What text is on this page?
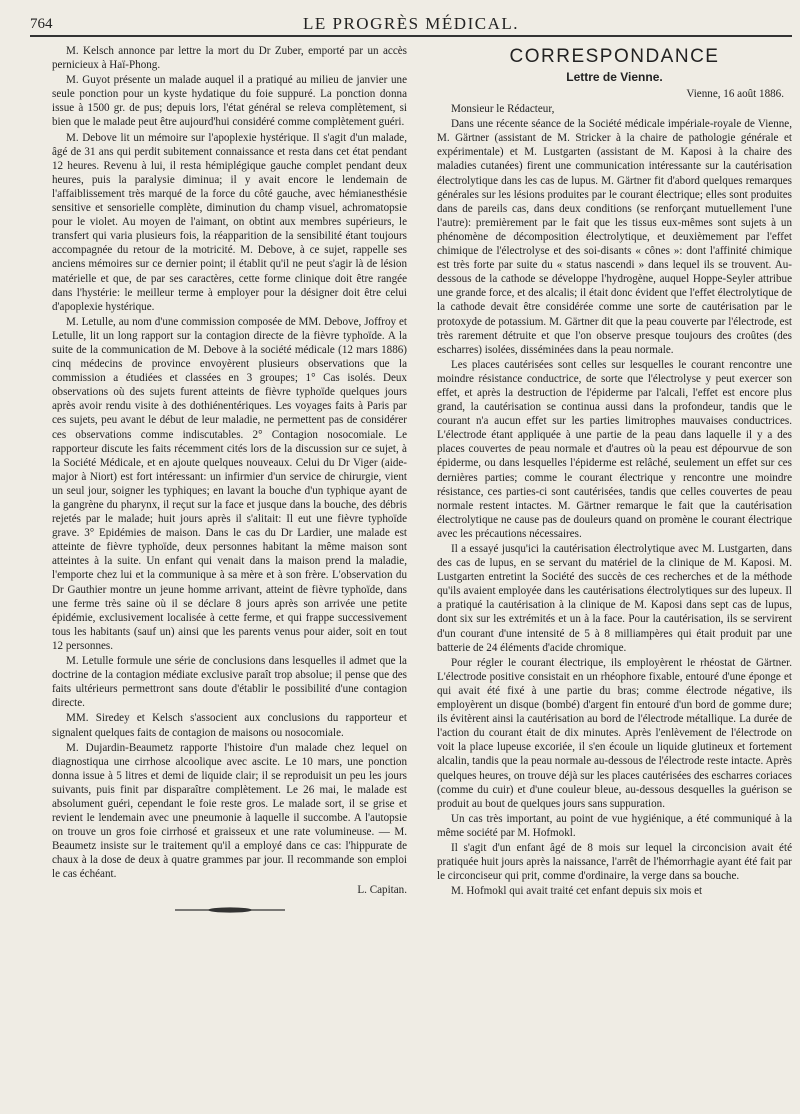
764	LE PROGRÈS MÉDICAL.

M. Kelsch annonce par lettre la mort du Dr Zuber, emporté par un accès pernicieux à Haï-Phong.

M. Guyot présente un malade auquel il a pratiqué au milieu de janvier une seule ponction pour un kyste hydatique du foie suppuré. La ponction donna issue à 1500 gr. de pus; depuis lors, l'état général se releva complètement, si bien que le malade peut être aujourd'hui considéré comme complètement guéri.

M. Debove lit un mémoire sur l'apoplexie hystérique. Il s'agit d'un malade, âgé de 31 ans qui perdit subitement connaissance et resta dans cet état pendant 12 heures. Revenu à lui, il resta hémiplégique gauche complet pendant deux heures, puis la paralysie diminua; il y avait encore le lendemain de l'affaiblissement très marqué de la force du côté gauche, avec hémianesthésie sensitive et sensorielle complète, diminution du champ visuel, achromatopsie pour le violet. Au moyen de l'aimant, on obtint aux membres supérieurs, le transfert qui varia plusieurs fois, la réapparition de la sensibilité étant toujours accompagnée du retour de la motricité. M. Debove, à ce sujet, rappelle ses anciens mémoires sur ce dernier point; il établit qu'il ne peut s'agir là de lésion matérielle et que, de par ses caractères, cette forme clinique doit être rangée dans l'hystérie: le meilleur terme à employer pour la désigner doit être celui d'apoplexie hystérique.

M. Letulle, au nom d'une commission composée de MM. Debove, Joffroy et Letulle, lit un long rapport sur la contagion directe de la fièvre typhoïde. A la suite de la communication de M. Debove à la société médicale (12 mars 1886) cinq médecins de province envoyèrent plusieurs observations que la commission a étudiées et classées en 3 groupes; 1° Cas isolés. Deux observations où des sujets furent atteints de fièvre typhoïde quelques jours après avoir rendu visite à des dothiénentériques. Les voyages faits à Paris par ces sujets, peu avant le début de leur maladie, ne permettent pas de considérer ces observations comme indiscutables. 2° Contagion nosocomiale. Le rapporteur discute les faits récemment cités lors de la discussion sur ce sujet, à la Société Médicale, et en ajoute quelques nouveaux. Celui du Dr Viger (aide-major à Niort) est fort intéressant: un infirmier d'un service de chirurgie, vient un seul jour, soigner les typhiques; en lavant la bouche d'un typhique ayant de la gangrène du pharynx, il reçut sur la face et jusque dans la bouche, des débris rejetés par le malade; huit jours après il s'alitait: Il eut une fièvre typhoïde grave. 3° Epidémies de maison. Dans le cas du Dr Lardier, une malade est atteinte de fièvre typhoïde, deux personnes habitant la même maison sont atteintes à la suite. Un enfant qui venait dans la maison prend la maladie, l'emporte chez lui et la communique à sa mère et à son frère. L'observation du Dr Gauthier montre un jeune homme arrivant, atteint de fièvre typhoïde, dans une ferme très saine où il se déclare 8 jours après son arrivée une petite épidémie, exclusivement localisée à cette ferme, et qui frappe successivement tous les habitants (sauf un) ainsi que les parents venus pour aider, soit en tout 12 personnes.

M. Letulle formule une série de conclusions dans lesquelles il admet que la doctrine de la contagion médiate exclusive paraît trop absolue; il pense que des faits ultérieurs permettront sans doute d'établir le possibilité d'une contagion directe.

MM. Siredey et Kelsch s'associent aux conclusions du rapporteur et signalent quelques faits de contagion de maisons ou nosocomiale.

M. Dujardin-Beaumetz rapporte l'histoire d'un malade chez lequel on diagnostiqua une cirrhose alcoolique avec ascite. Le 10 mars, une ponction donna issue à 5 litres et demi de liquide clair; il se reproduisit un peu les jours suivants, puis finit par disparaître complètement. Le 26 mai, le malade est absolument guéri, cependant le foie reste gros. Le malade sort, il se grise et revient le lendemain avec une pneumonie à laquelle il succombe. A l'autopsie on trouve un gros foie cirrhosé et graisseux et une rate volumineuse. — M. Beaumetz insiste sur le traitement qu'il a employé dans ce cas: l'hippurate de chaux à la dose de deux à quatre grammes par jour. Il recommande son emploi le cas échéant.

L. Capitan.

CORRESPONDANCE
Lettre de Vienne.

Vienne, 16 août 1886.

Monsieur le Rédacteur,

Dans une récente séance de la Société médicale impériale-royale de Vienne, M. Gärtner (assistant de M. Stricker à la chaire de pathologie générale et expérimentale) et M. Lustgarten (assistant de M. Kaposi à la chaire des maladies cutanées) firent une communication intéressante sur la cautérisation électrolytique dans les cas de lupus. M. Gärtner fit d'abord quelques remarques générales sur les lésions produites par le courant électrique; elles sont produites dans de pareils cas, dans deux conditions (se renforçant mutuellement l'une l'autre): premièrement par le fait que les tissus eux-mêmes sont sujets à un phénomène de décomposition électrolytique, et deuxièmement par l'effet chimique de l'électrolyse et des soi-disants « cônes »: dont l'affinité chimique est très forte par suite du « status nascendi » dans lequel ils se trouvent. Au-dessous de la cathode se développe l'hydrogène, auquel Hoppe-Seyler attribue une grande force, et des alcalis; il était donc évident que l'effet électrolytique de la cathode devait être considérée comme une sorte de cautérisation par le protoxyde de potassium. M. Gärtner dit que la peau couverte par l'électrode, est très rarement détruite et que l'on observe presque toujours des croûtes (des escharres) isolées, disséminées dans la peau normale.

Les places cautérisées sont celles sur lesquelles le courant rencontre une moindre résistance conductrice, de sorte que l'électrolyse y peut exercer son effet, et après la destruction de l'épiderme par l'alcali, l'effet est encore plus grand, la cautérisation se continua aussi dans la profondeur, tandis que le courant n'a aucun effet sur les parties limitrophes mauvaises conductrices. L'électrode étant appliquée à une partie de la peau dans laquelle il y a des places couvertes de peau normale et d'autres où la peau est dépourvue de son épiderme, ou dans lesquelles l'épiderme est relâché, seulement un effet sur ces dernières parties; comme le courant électrique y rencontre une moindre résistance, ces parties-ci sont cautérisées, tandis que celles couvertes de peau normale restent intactes. M. Gärtner remarque le fait que la cautérisation électrolytique ne cause pas de douleurs quand on promène le courant électrique avec les précautions nécessaires.

Il a essayé jusqu'ici la cautérisation électrolytique avec M. Lustgarten, dans des cas de lupus, en se servant du matériel de la clinique de M. Kaposi. M. Lustgarten entretint la Société des succès de ces recherches et de la méthode qu'ils avaient employée dans les cautérisations électrolytiques sur des lupeux. Il a pratiqué la cautérisation à la clinique de M. Kaposi dans sept cas de lupus, dont six sur les extrémités et un à la face. Pour la cautérisation, ils se servirent d'un courant d'une intensité de 5 à 8 milliampères qui était produit par une batterie de 24 éléments d'acide chromique.

Pour régler le courant électrique, ils employèrent le rhéostat de Gärtner. L'électrode positive consistait en un rhéophore fixable, entouré d'une éponge et qui avait été fixé à une partie du bras; comme électrode négative, ils employèrent un disque (bombé) d'argent fin entouré d'un bord de gomme dure; ils évitèrent ainsi la cautérisation au bord de l'électrode métallique. La durée de l'action du courant était de dix minutes. Après l'enlèvement de l'électrode on voit la place lupeuse excoriée, il s'en écoule un liquide glutineux et fortement alcalin, tandis que la peau normale au-dessous de l'électrode reste intacte. Après quelques heures, on trouve déjà sur les places cautérisées des escharres coriaces (comme du cuir) et d'une couleur bleue, au-dessous desquelles la guérison se produit au bout de quelques jours sans suppuration.

Un cas très important, au point de vue hygiénique, a été communiqué à la même société par M. Hofmokl.

Il s'agit d'un enfant âgé de 8 mois sur lequel la circoncision avait été pratiquée huit jours après la naissance, l'arrêt de l'hémorrhagie ayant été fait par le circonciseur qui prit, comme d'ordinaire, la verge dans sa bouche.

M. Hofmokl qui avait traité cet enfant depuis six mois et
